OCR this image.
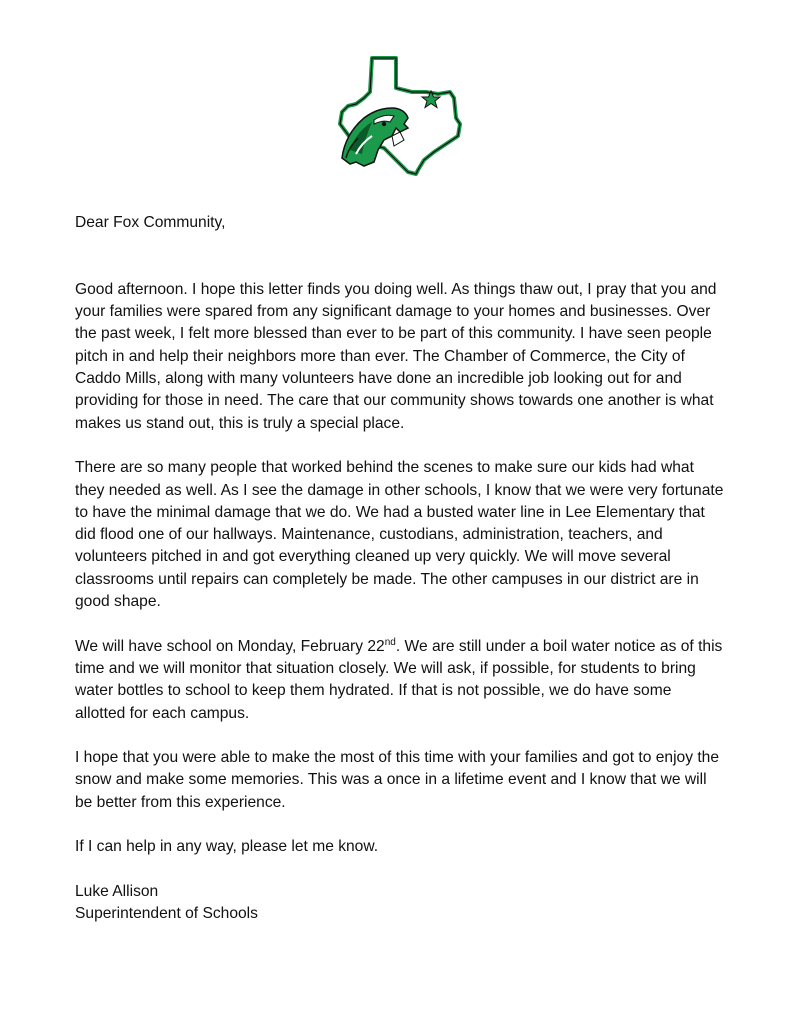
Dear Fox Community,

Good afternoon. I hope this letter finds you doing well. As things thaw out, I pray that you and your families were spared from any significant damage to your homes and businesses. Over the past week, I felt more blessed than ever to be part of this community. I have seen people pitch in and help their neighbors more than ever. The Chamber of Commerce, the City of Caddo Mills, along with many volunteers have done an incredible job looking out for and providing for those in need. The care that our community shows towards one another is what makes us stand out, this is truly a special place.

There are so many people that worked behind the scenes to make sure our kids had what they needed as well. As I see the damage in other schools, I know that we were very fortunate to have the minimal damage that we do. We had a busted water line in Lee Elementary that did flood one of our hallways. Maintenance, custodians, administration, teachers, and volunteers pitched in and got everything cleaned up very quickly. We will move several classrooms until repairs can completely be made. The other campuses in our district are in good shape.

We will have school on Monday, February 22nd. We are still under a boil water notice as of this time and we will monitor that situation closely. We will ask, if possible, for students to bring water bottles to school to keep them hydrated. If that is not possible, we do have some allotted for each campus.

I hope that you were able to make the most of this time with your families and got to enjoy the snow and make some memories. This was a once in a lifetime event and I know that we will be better from this experience.

If I can help in any way, please let me know.

Luke Allison

Superintendent of Schools
